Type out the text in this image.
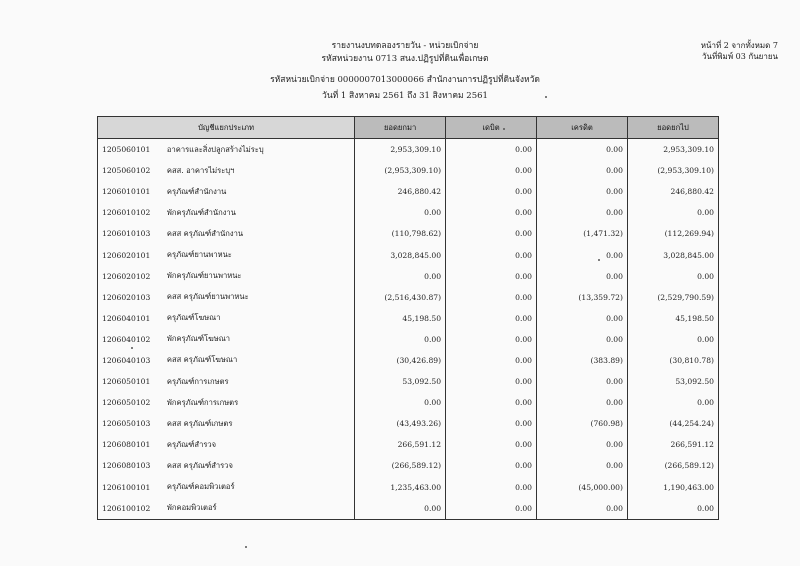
รายงานงบทดลองรายวัน - หน่วยเบิกจ่าย
รหัสหน่วยงาน 0713 สนง.ปฏิรูปที่ดินเพื่อเกษต
รหัสหน่วยเบิกจ่าย 0000007013000066 สำนักงานการปฏิรูปที่ดินจังหวัด
วันที่ 1 สิงหาคม 2561 ถึง 31 สิงหาคม 2561
หน้าที่ 2 จากทั้งหมด 7
วันที่พิมพ์ 03 กันยายน
บัญชีแยกประเภท		ยอดยกมา	เดบิต	เครดิต	ยอดยกไป
1205060101	อาคารและสิ่งปลูกสร้างไม่ระบุ	2,953,309.10	0.00	0.00	2,953,309.10
1205060102	คสส. อาคารไม่ระบุฯ	(2,953,309.10)	0.00	0.00	(2,953,309.10)
1206010101	ครุภัณฑ์สำนักงาน	246,880.42	0.00	0.00	246,880.42
1206010102	พักครุภัณฑ์สำนักงาน	0.00	0.00	0.00	0.00
1206010103	คสส ครุภัณฑ์สำนักงาน	(110,798.62)	0.00	(1,471.32)	(112,269.94)
1206020101	ครุภัณฑ์ยานพาหนะ	3,028,845.00	0.00	0.00	3,028,845.00
1206020102	พักครุภัณฑ์ยานพาหนะ	0.00	0.00	0.00	0.00
1206020103	คสส ครุภัณฑ์ยานพาหนะ	(2,516,430.87)	0.00	(13,359.72)	(2,529,790.59)
1206040101	ครุภัณฑ์โฆษณา	45,198.50	0.00	0.00	45,198.50
1206040102	พักครุภัณฑ์โฆษณา	0.00	0.00	0.00	0.00
1206040103	คสส ครุภัณฑ์โฆษณา	(30,426.89)	0.00	(383.89)	(30,810.78)
1206050101	ครุภัณฑ์การเกษตร	53,092.50	0.00	0.00	53,092.50
1206050102	พักครุภัณฑ์การเกษตร	0.00	0.00	0.00	0.00
1206050103	คสส ครุภัณฑ์เกษตร	(43,493.26)	0.00	(760.98)	(44,254.24)
1206080101	ครุภัณฑ์สำรวจ	266,591.12	0.00	0.00	266,591.12
1206080103	คสส ครุภัณฑ์สำรวจ	(266,589.12)	0.00	0.00	(266,589.12)
1206100101	ครุภัณฑ์คอมพิวเตอร์	1,235,463.00	0.00	(45,000.00)	1,190,463.00
1206100102	พักคอมพิวเตอร์	0.00	0.00	0.00	0.00
